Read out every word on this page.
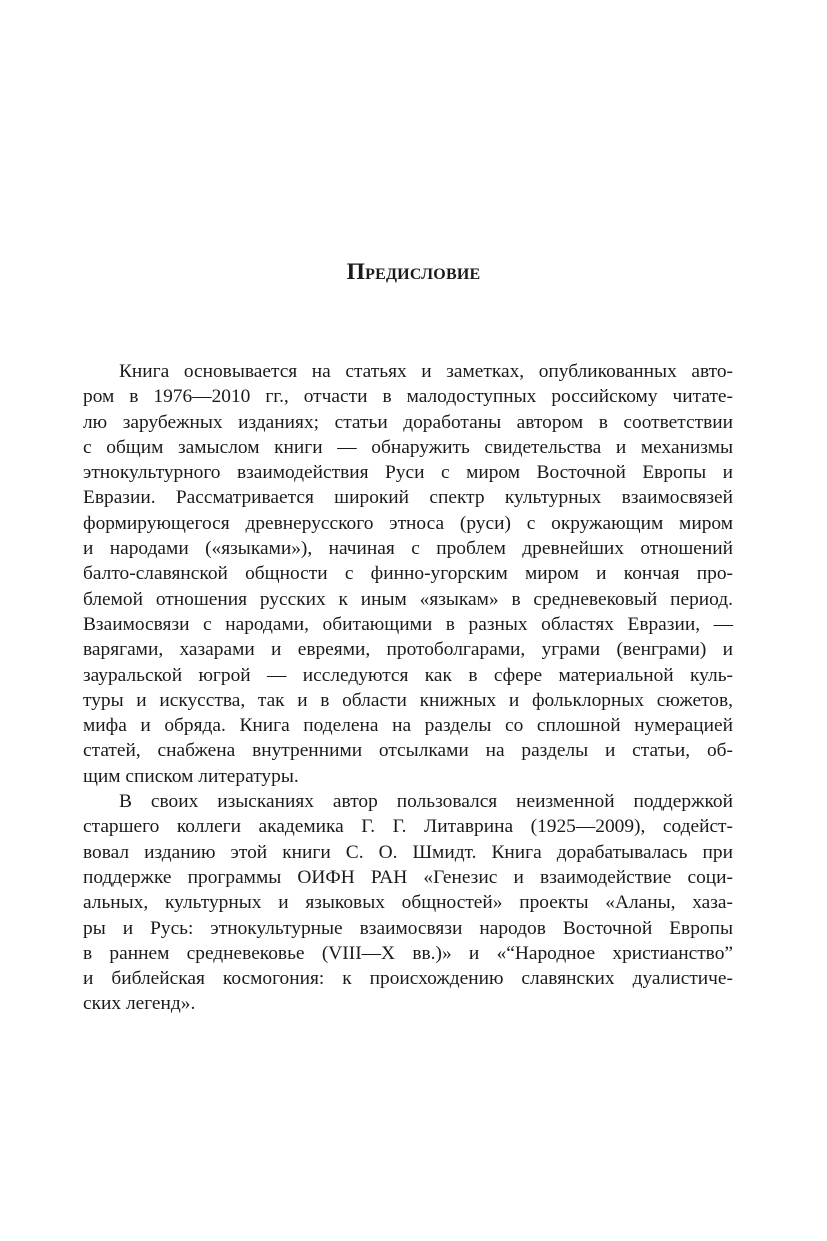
Предисловие
Книга основывается на статьях и заметках, опубликованных авто-
ром в 1976—2010 гг., отчасти в малодоступных российскому читате-
лю зарубежных изданиях; статьи доработаны автором в соответствии
с общим замыслом книги — обнаружить свидетельства и механизмы
этнокультурного взаимодействия Руси с миром Восточной Европы и
Евразии. Рассматривается широкий спектр культурных взаимосвязей
формирующегося древнерусского этноса (руси) с окружающим миром
и народами («языками»), начиная с проблем древнейших отношений
балто-славянской общности с финно-угорским миром и кончая про-
блемой отношения русских к иным «языкам» в средневековый период.
Взаимосвязи с народами, обитающими в разных областях Евразии, —
варягами, хазарами и евреями, протоболгарами, уграми (венграми) и
зауральской югрой — исследуются как в сфере материальной куль-
туры и искусства, так и в области книжных и фольклорных сюжетов,
мифа и обряда. Книга поделена на разделы со сплошной нумерацией
статей, снабжена внутренними отсылками на разделы и статьи, об-
щим списком литературы.
В своих изысканиях автор пользовался неизменной поддержкой
старшего коллеги академика Г. Г. Литаврина (1925—2009), содейст-
вовал изданию этой книги С. О. Шмидт. Книга дорабатывалась при
поддержке программы ОИФН РАН «Генезис и взаимодействие соци-
альных, культурных и языковых общностей» проекты «Аланы, хаза-
ры и Русь: этнокультурные взаимосвязи народов Восточной Европы
в раннем средневековье (VIII—X вв.)» и «“Народное христианство”
и библейская космогония: к происхождению славянских дуалистиче-
ских легенд».
